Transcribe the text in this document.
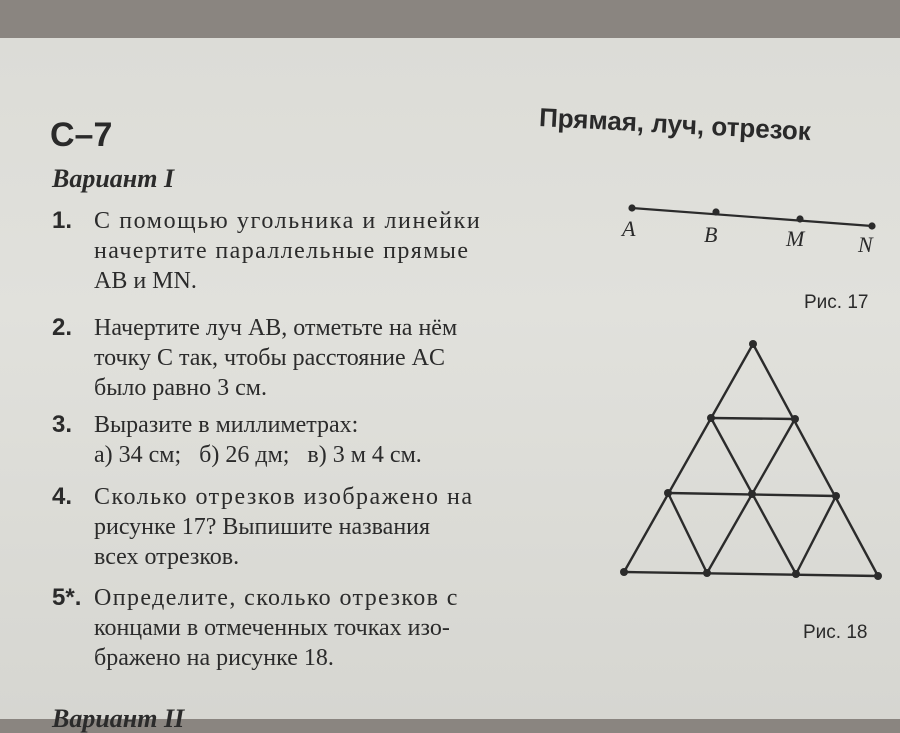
С–7	Прямая, луч, отрезок
Вариант I
1. С помощью угольника и линейки
начертите параллельные прямые
AB и MN.
2. Начертите луч AB, отметьте на нём
точку C так, чтобы расстояние AC
было равно 3 см.
3. Выразите в миллиметрах:
а) 34 см;   б) 26 дм;   в) 3 м 4 см.
4. Сколько отрезков изображено на
рисунке 17? Выпишите названия
всех отрезков.
5*. Определите, сколько отрезков с
концами в отмеченных точках изо-
бражено на рисунке 18.
A	B	M N
Рис. 17
Рис. 18
Вариант II
